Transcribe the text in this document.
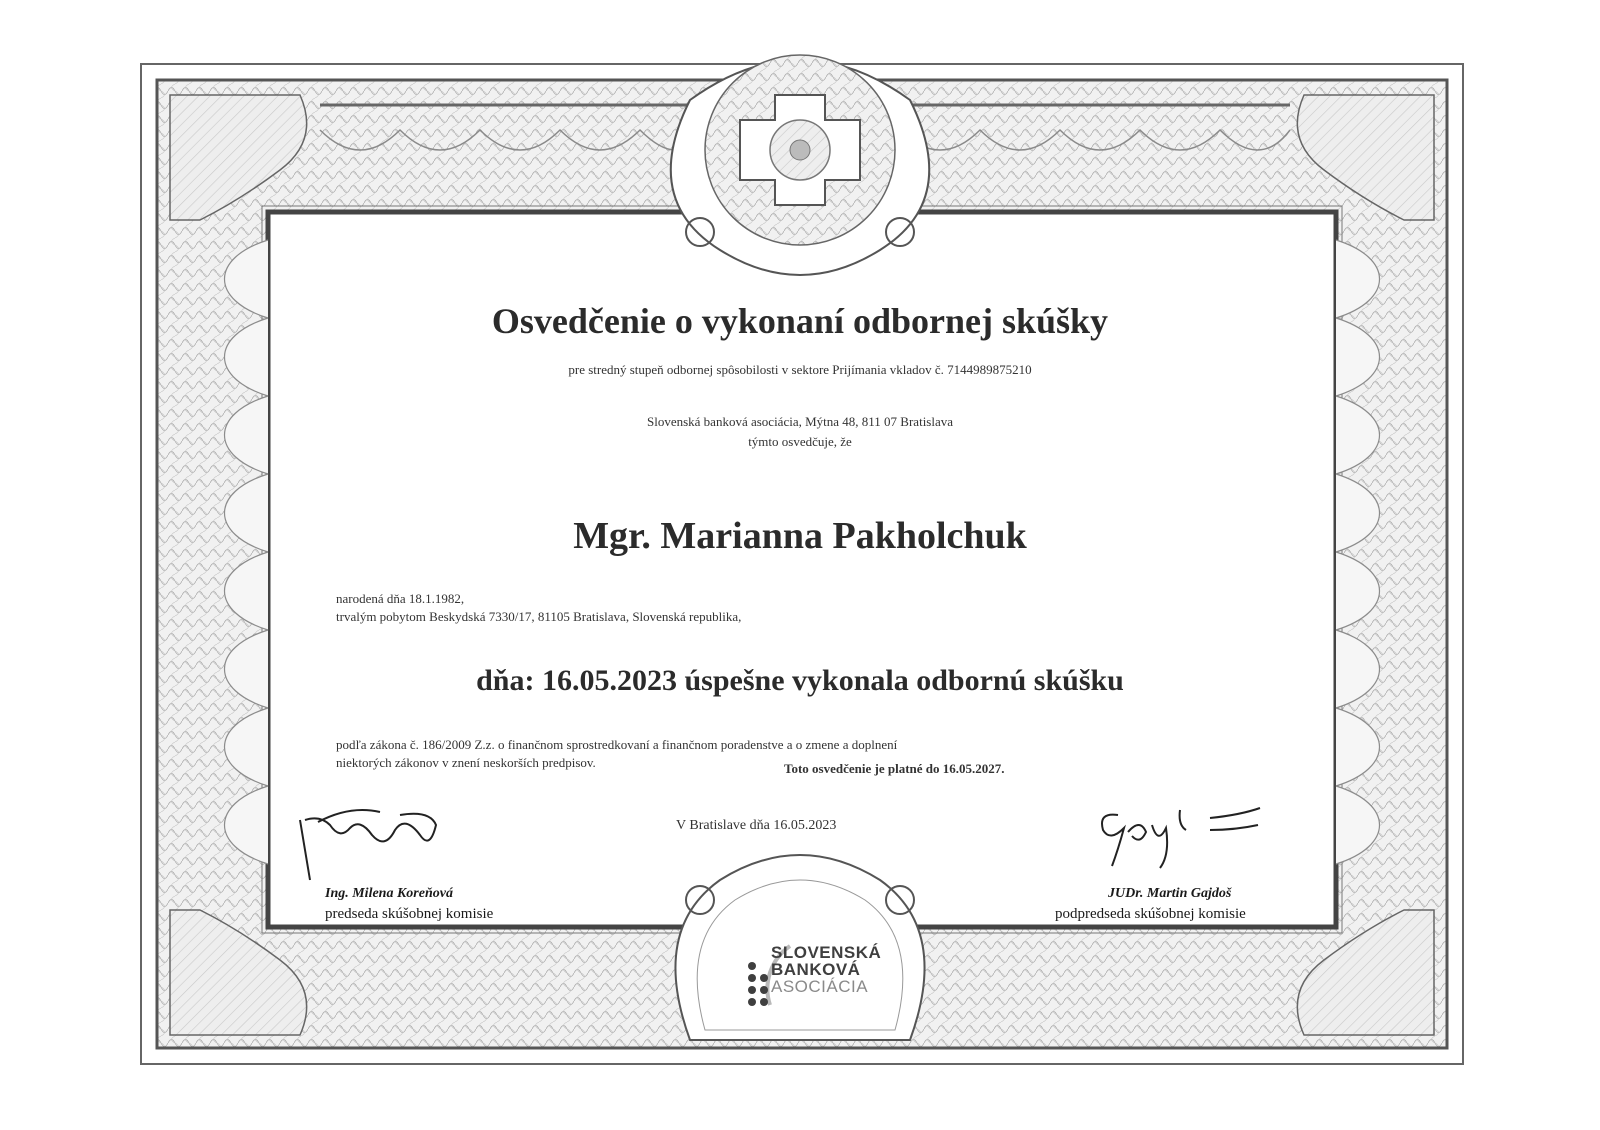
Osvedčenie o vykonaní odbornej skúšky
pre stredný stupeň odbornej spôsobilosti v sektore Prijímania vkladov č. 7144989875210
Slovenská banková asociácia, Mýtna 48, 811 07 Bratislava
týmto osvedčuje, že
Mgr. Marianna Pakholchuk
narodená dňa 18.1.1982,
trvalým pobytom Beskydská 7330/17, 81105 Bratislava, Slovenská republika,
dňa: 16.05.2023 úspešne vykonala odbornú skúšku
podľa zákona č. 186/2009 Z.z. o finančnom sprostredkovaní a finančnom poradenstve a o zmene a doplnení
niektorých zákonov v znení neskorších predpisov.	Toto osvedčenie je platné do 16.05.2027.
V Bratislave dňa 16.05.2023
Ing. Milena Koreňová
predseda skúšobnej komisie
JUDr. Martin Gajdoš
podpredseda skúšobnej komisie
SLOVENSKÁ
BANKOVÁ
ASOCIÁCIA
